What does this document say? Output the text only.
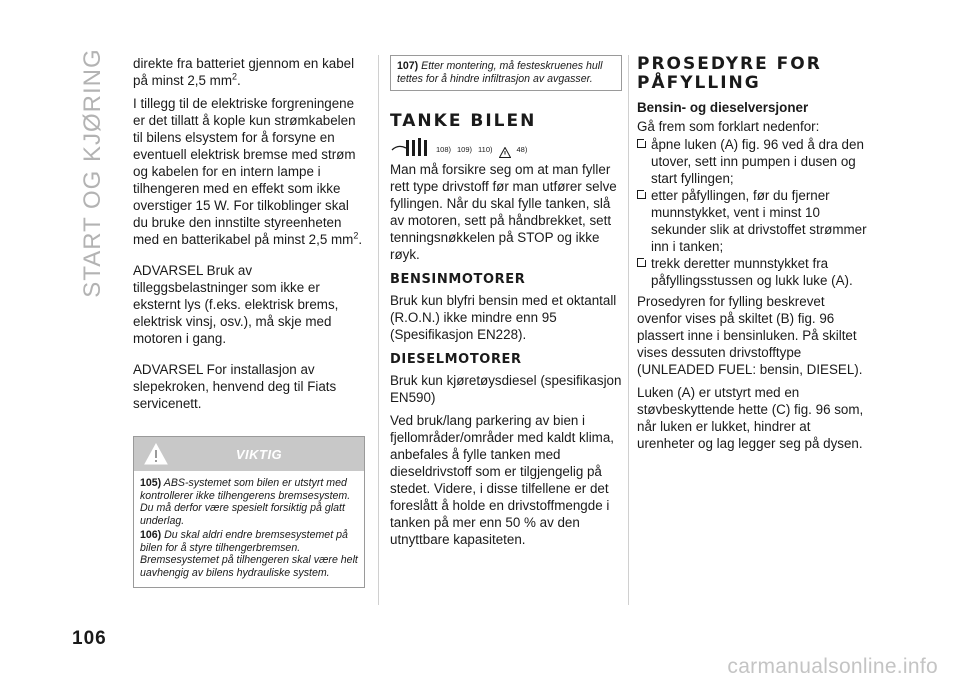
START OG KJØRING direkte fra batteriet gjennom en kabel på minst 2,5 $mm^2$.

I tillegg til de elektriske forgreningene er det tillatt å kople kun strømkabelen til bilens elsystem for å forsyne en eventuell elektrisk bremse med strøm og kabelen for en intern lampe i tilhengeren med en effekt som ikke overstiger 15 W. For tilkoblinger skal du bruke den innstilte styreenheten med en batterikabel på minst 2,5 $mm^2$.

ADVARSEL Bruk av tilleggsbelastninger som ikke er eksternt lys (f.eks. elektrisk brems, elektrisk vinsj, osv.), må skje med motoren i gang.

ADVARSEL For installasjon av slepekroken, henvend deg til Fiats servicenett.

VIKTIG

105) ABS-systemet som bilen er utstyrt med kontrollerer ikke tilhengerens bremsesystem. Du må derfor være spesielt forsiktig på glatt underlag.

106) Du skal aldri endre bremsesystemet på bilen for å styre tilhengerbremsen. Bremsesystemet på tilhengeren skal være helt uavhengig av bilens hydrauliske system.

107) Etter montering, må festeskruenes hull tettes for å hindre infiltrasjon av avgasser.
TANKE BILEN
108) 109) 110)	48)

Man må forsikre seg om at man fyller rett type drivstoff før man utfører selve fyllingen. Når du skal fylle tanken, slå av motoren, sett på håndbrekket, sett tenningsnøkkelen på STOP og ikke røyk.

BENSINMOTORER

Bruk kun blyfri bensin med et oktantall (R.O.N.) ikke mindre enn 95 (Spesifikasjon EN228).

DIESELMOTORER

Bruk kun kjøretøysdiesel (spesifikasjon EN590)

Ved bruk/lang parkering av bien i fjellområder/områder med kaldt klima, anbefales å fylle tanken med dieseldrivstoff som er tilgjengelig på stedet. Videre, i disse tilfellene er det foreslått å holde en drivstoffmengde i tanken på mer enn 50 % av den utnyttbare kapasiteten.

PROSEDYRE FOR PÅFYLLING
Bensin- og dieselversjoner

Gå frem som forklart nedenfor:

åpne luken (A) fig. 96 ved å dra den utover, sett inn pumpen i dusen og start fyllingen;
etter påfyllingen, før du fjerner munnstykket, vent i minst 10 sekunder slik at drivstoffet strømmer inn i tanken;
trekk deretter munnstykket fra påfyllingsstussen og lukk luke (A).

Prosedyren for fylling beskrevet ovenfor vises på skiltet (B) fig. 96 plassert inne i bensinluken. På skiltet vises dessuten drivstofftype (UNLEADED FUEL: bensin, DIESEL).

Luken (A) er utstyrt med en støvbeskyttende hette (C) fig. 96 som, når luken er lukket, hindrer at urenheter og lag legger seg på dysen.

106
carmanualsonline.info
